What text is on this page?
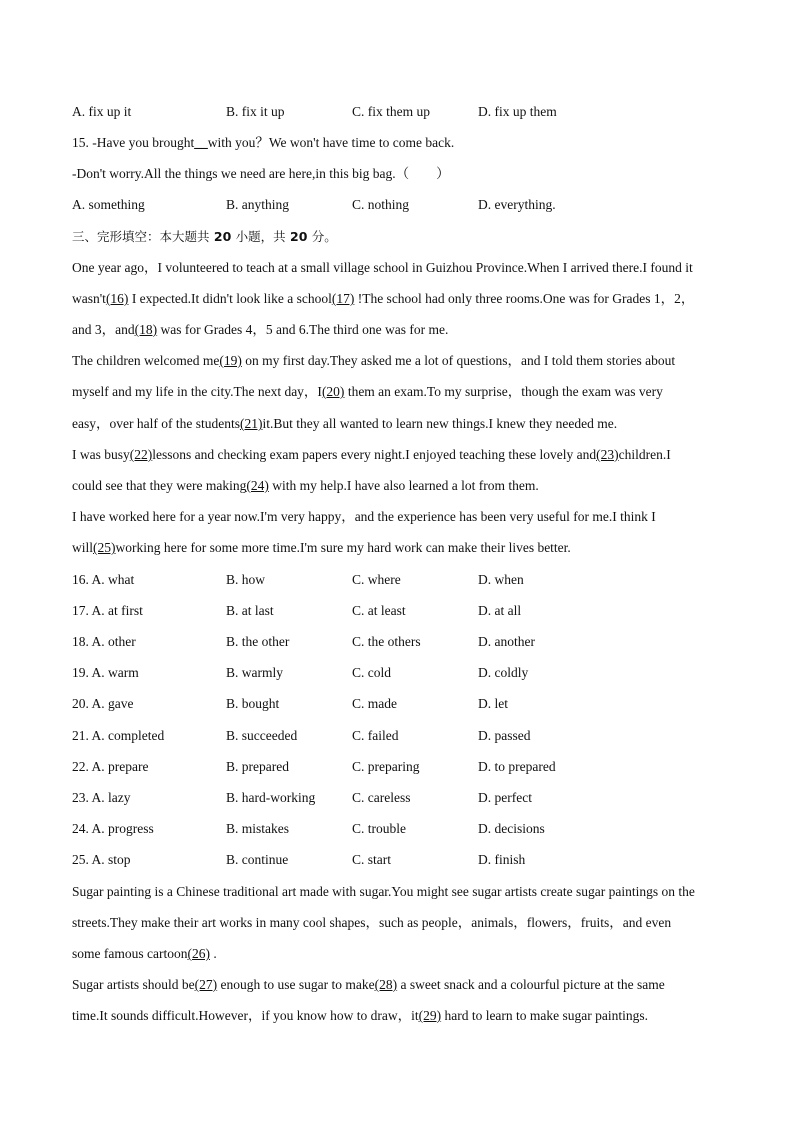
A. fix up it	B. fix it up	C. fix them up	D. fix up them
15. -Have you brought__with you？We won't have time to come back.
-Don't worry.All the things we need are here,in this big bag.（　　）
A. something	B. anything	C. nothing	D. everything.
三、完形填空：本大题共 20 小题，共 20 分。
One year ago，I volunteered to teach at a small village school in Guizhou Province.When I arrived there.I found it
wasn't(16) I expected.It didn't look like a school(17) !The school had only three rooms.One was for Grades 1，2，
and 3，and(18) was for Grades 4，5 and 6.The third one was for me.
The children welcomed me(19) on my first day.They asked me a lot of questions，and I told them stories about
myself and my life in the city.The next day，I(20) them an exam.To my surprise，though the exam was very
easy，over half of the students(21)it.But they all wanted to learn new things.I knew they needed me.
I was busy(22)lessons and checking exam papers every night.I enjoyed teaching these lovely and(23)children.I
could see that they were making(24) with my help.I have also learned a lot from them.
I have worked here for a year now.I'm very happy，and the experience has been very useful for me.I think I
will(25)working here for some more time.I'm sure my hard work can make their lives better.
16. A. what	B. how	C. where	D. when
17. A. at first	B. at last	C. at least	D. at all
18. A. other	B. the other	C. the others	D. another
19. A. warm	B. warmly	C. cold	D. coldly
20. A. gave	B. bought	C. made	D. let
21. A. completed	B. succeeded	C. failed	D. passed
22. A. prepare	B. prepared	C. preparing	D. to prepared
23. A. lazy	B. hard-working	C. careless	D. perfect
24. A. progress	B. mistakes	C. trouble	D. decisions
25. A. stop	B. continue	C. start	D. finish
Sugar painting is a Chinese traditional art made with sugar.You might see sugar artists create sugar paintings on the
streets.They make their art works in many cool shapes，such as people，animals，flowers，fruits，and even
some famous cartoon(26) .
Sugar artists should be(27) enough to use sugar to make(28) a sweet snack and a colourful picture at the same
time.It sounds difficult.However，if you know how to draw，it(29) hard to learn to make sugar paintings.
